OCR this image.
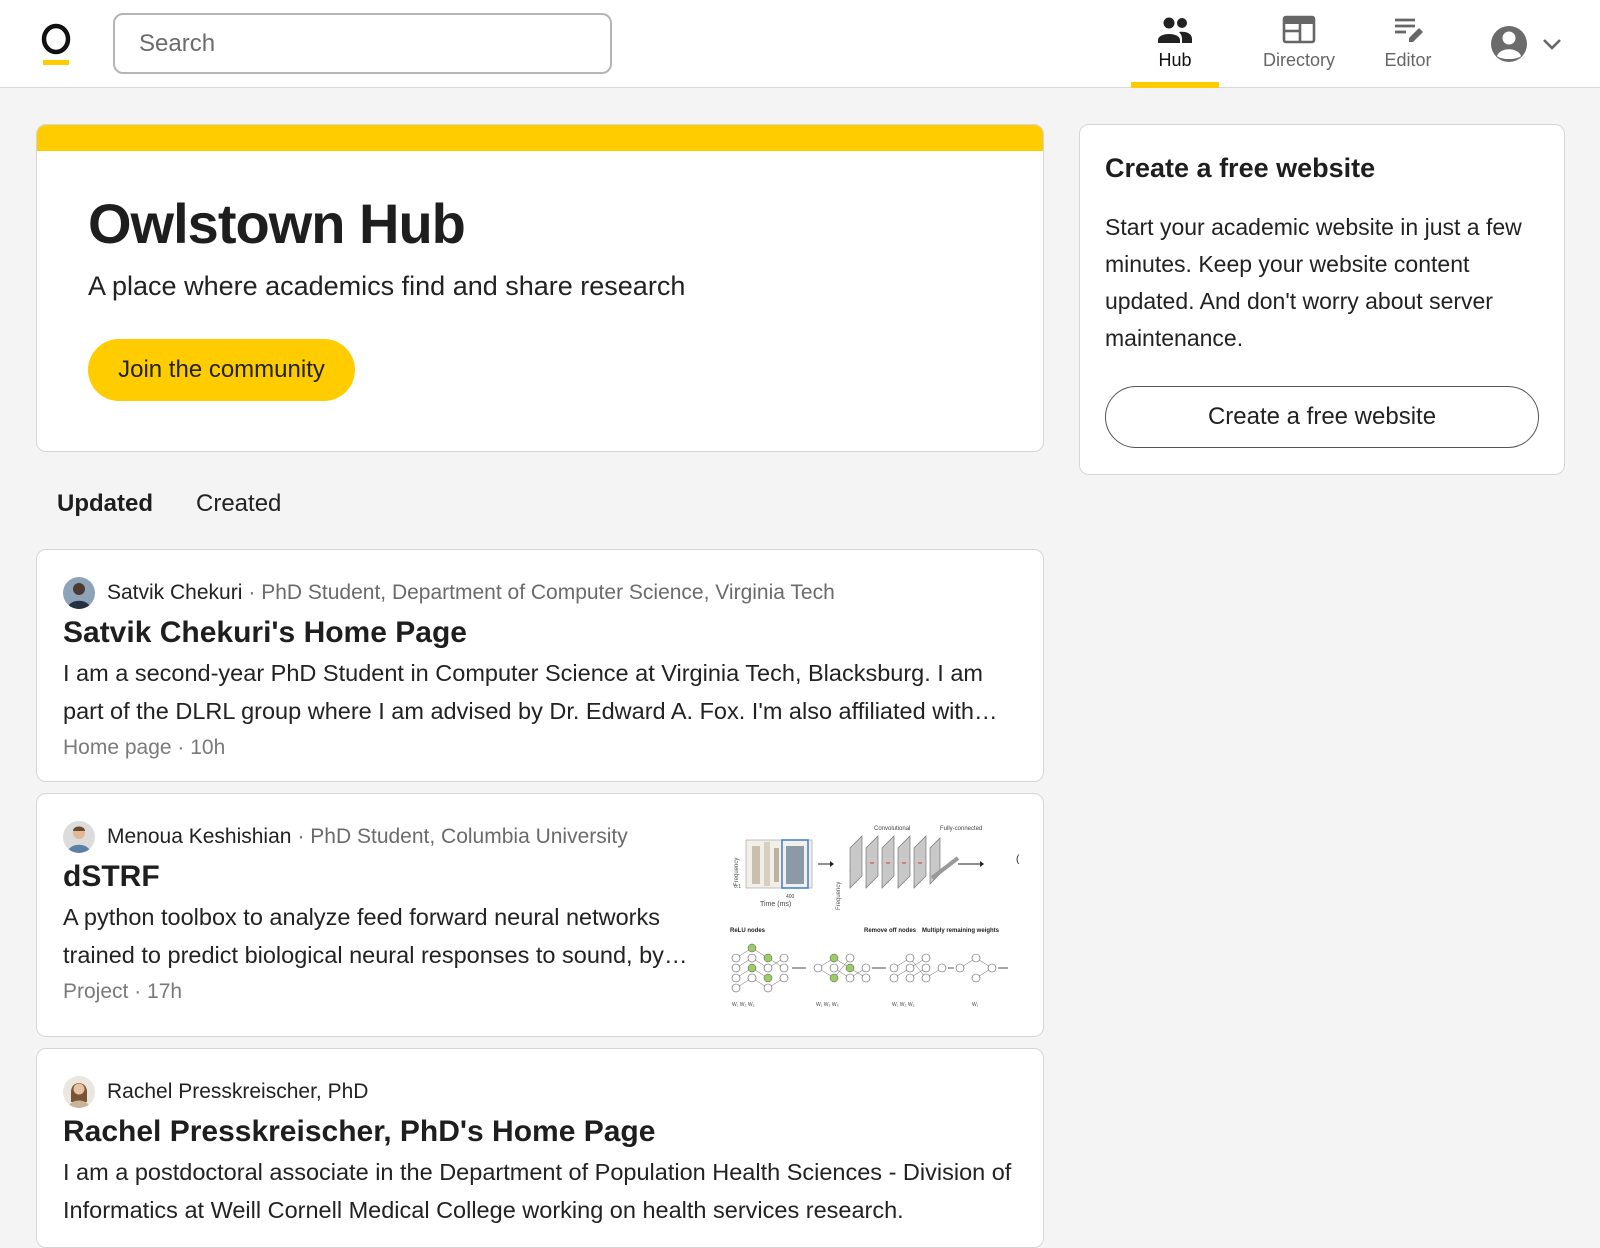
Search
Hub	Directory	Editor
Owlstown Hub
A place where academics find and share research
Join the community
Create a free website
Start your academic website in just a few minutes. Keep your website content updated. And don't worry about server maintenance.
Create a free website
Updated Created
Satvik Chekuri · PhD Student, Department of Computer Science, Virginia Tech
Satvik Chekuri's Home Page
I am a second-year PhD Student in Computer Science at Virginia Tech, Blacksburg. I am part of the DLRL group where I am advised by Dr. Edward A. Fox. I'm also affiliated with
Home page · 10h
Menoua Keshishian · PhD Student, Columbia University
dSTRF
A python toolbox to analyze feed forward neural networks trained to predict biological neural responses to sound, by
Project · 17h
Frequency
0.1
Time (ms)
400	Frequency
Convolutional	Fully-connected
(
ReLU nodes	Remove off nodes Multiply remaining weights
W₁ W₂ W₃	W₁ W₂ W₃	W₁ W₂ W₃	W₁
Rachel Presskreischer, PhD
Rachel Presskreischer, PhD's Home Page
I am a postdoctoral associate in the Department of Population Health Sciences - Division of Informatics at Weill Cornell Medical College working on health services research.
